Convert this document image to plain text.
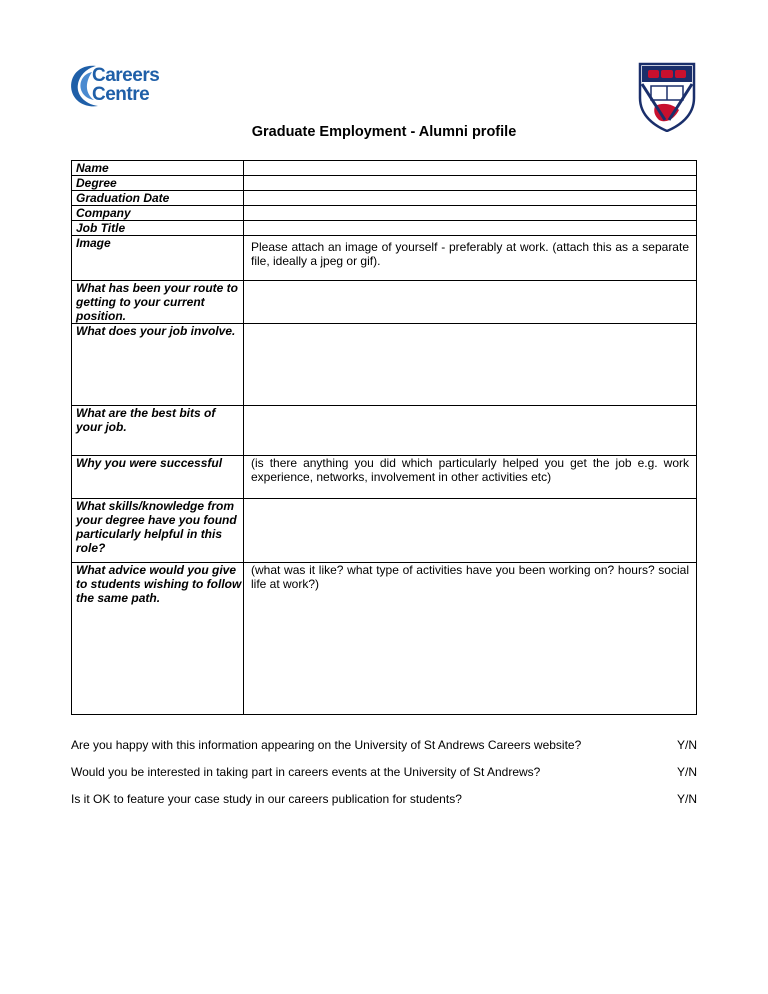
Careers
Centre
Graduate Employment - Alumni profile
Name	
Degree	
Graduation Date	
Company	
Job Title	
Image	Please attach an image of yourself - preferably at work. (attach this as a separate file, ideally a jpeg or gif).

What has been your route to getting to your current position.	
What does your job involve.	
What are the best bits of your job.	
Why you were successful	(is there anything you did which particularly helped you get the job e.g. work experience, networks, involvement in other activities etc)

What skills/knowledge from your degree have you found particularly helpful in this role?	
What advice would you give to students wishing to follow the same path.	(what was it like? what type of activities have you been working on? hours? social life at work?)
Are you happy with this information appearing on the University of St Andrews Careers website?	Y/N
Would you be interested in taking part in careers events at the University of St Andrews?	Y/N
Is it OK to feature your case study in our careers publication for students?	Y/N
